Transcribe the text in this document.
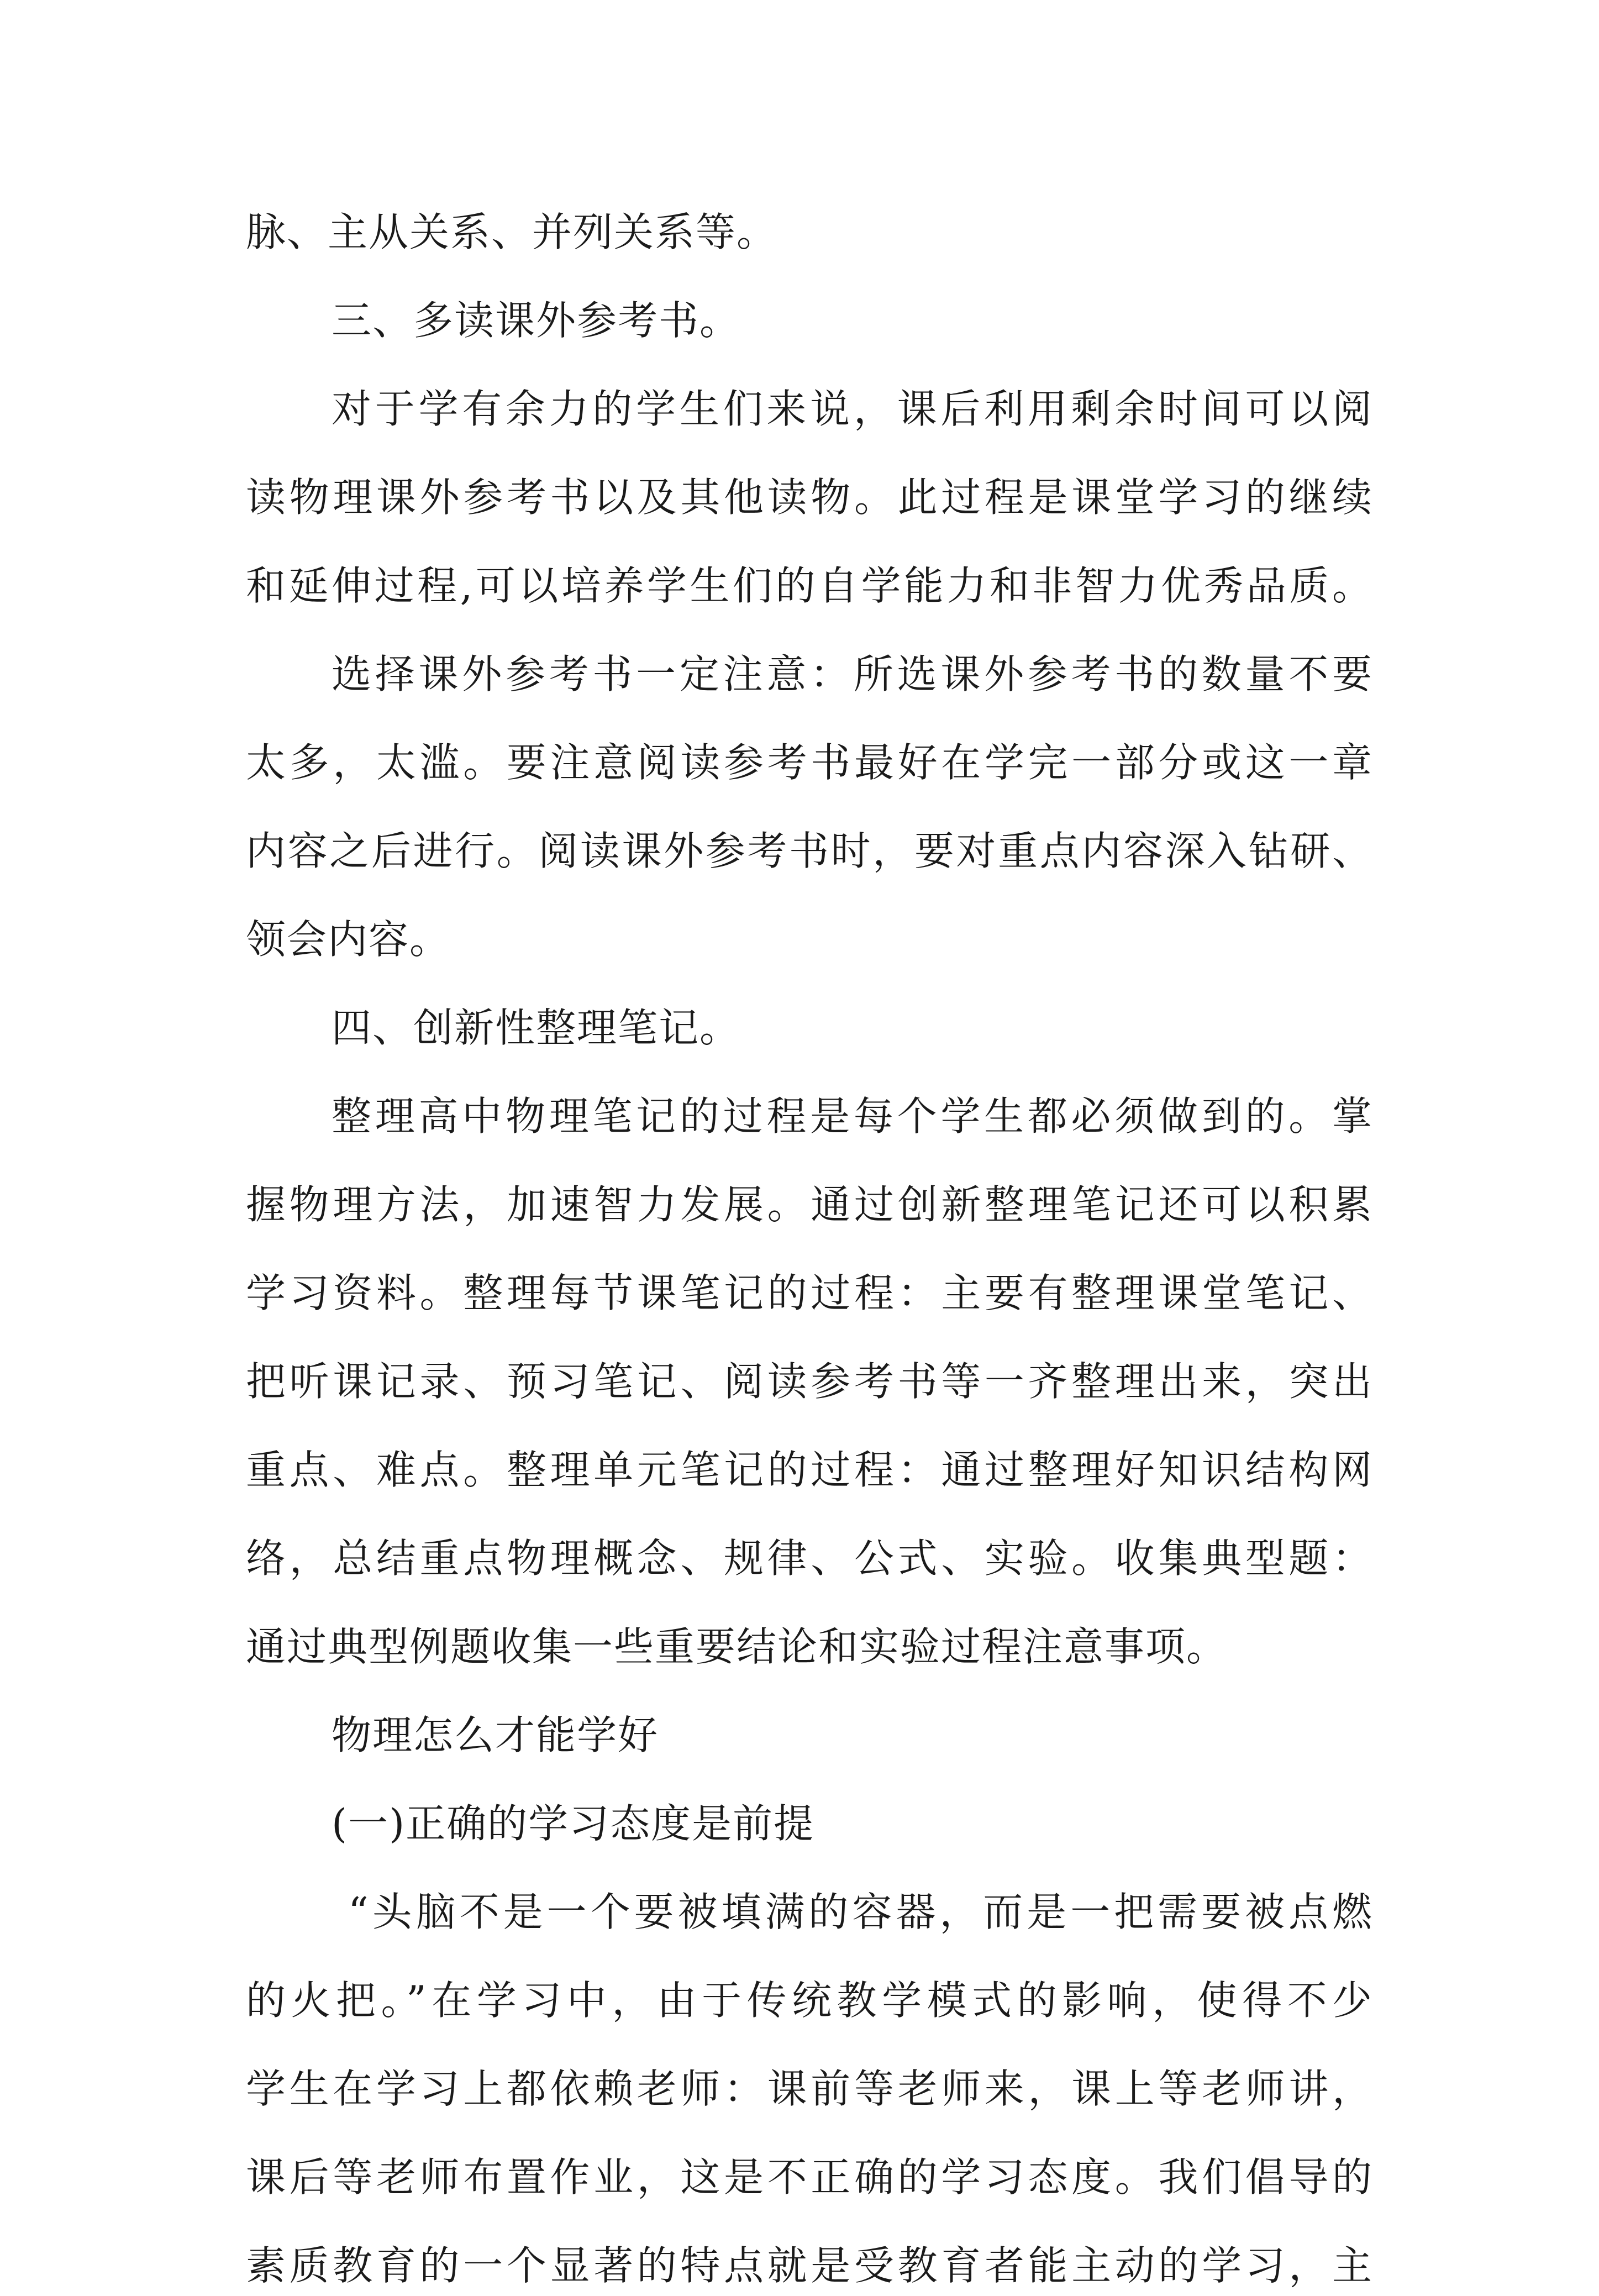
脉、主从关系、并列关系等。
三、多读课外参考书。
对于学有余力的学生们来说，课后利用剩余时间可以阅
读物理课外参考书以及其他读物。此过程是课堂学习的继续
和延伸过程,可以培养学生们的自学能力和非智力优秀品质。
选择课外参考书一定注意：所选课外参考书的数量不要
太多，太滥。要注意阅读参考书最好在学完一部分或这一章
内容之后进行。阅读课外参考书时，要对重点内容深入钻研、
领会内容。
四、创新性整理笔记。
整理高中物理笔记的过程是每个学生都必须做到的。掌
握物理方法，加速智力发展。通过创新整理笔记还可以积累
学习资料。整理每节课笔记的过程：主要有整理课堂笔记、
把听课记录、预习笔记、阅读参考书等一齐整理出来，突出
重点、难点。整理单元笔记的过程：通过整理好知识结构网
络，总结重点物理概念、规律、公式、实验。收集典型题：
通过典型例题收集一些重要结论和实验过程注意事项。
物理怎么才能学好
(一)正确的学习态度是前提
“头脑不是一个要被填满的容器，而是一把需要被点燃
的火把。”在学习中，由于传统教学模式的影响，使得不少
学生在学习上都依赖老师：课前等老师来，课上等老师讲，
课后等老师布置作业，这是不正确的学习态度。我们倡导的
素质教育的一个显著的特点就是受教育者能主动的学习，主
